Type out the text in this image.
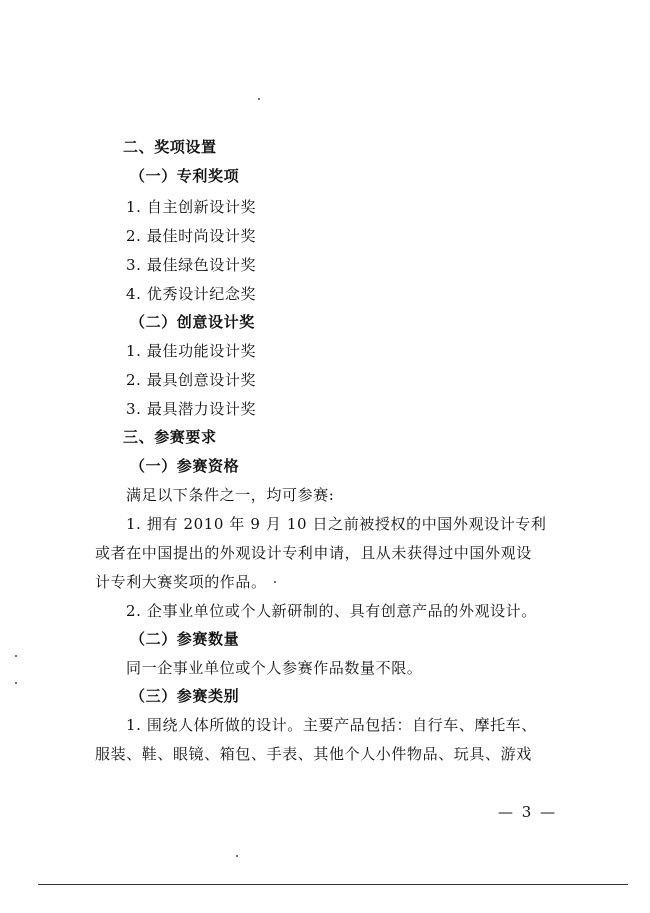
二、奖项设置
（一）专利奖项
1. 自主创新设计奖
2. 最佳时尚设计奖
3. 最佳绿色设计奖
4. 优秀设计纪念奖
（二）创意设计奖
1. 最佳功能设计奖
2. 最具创意设计奖
3. 最具潜力设计奖
三、参赛要求
（一）参赛资格
满足以下条件之一，均可参赛:
1. 拥有 2010 年 9 月 10 日之前被授权的中国外观设计专利
或者在中国提出的外观设计专利申请，且从未获得过中国外观设
计专利大赛奖项的作品。
2. 企事业单位或个人新研制的、具有创意产品的外观设计。
（二）参赛数量
同一企事业单位或个人参赛作品数量不限。
（三）参赛类别
1. 围绕人体所做的设计。主要产品包括：自行车、摩托车、
服装、鞋、眼镜、箱包、手表、其他个人小件物品、玩具、游戏
— 3 —
